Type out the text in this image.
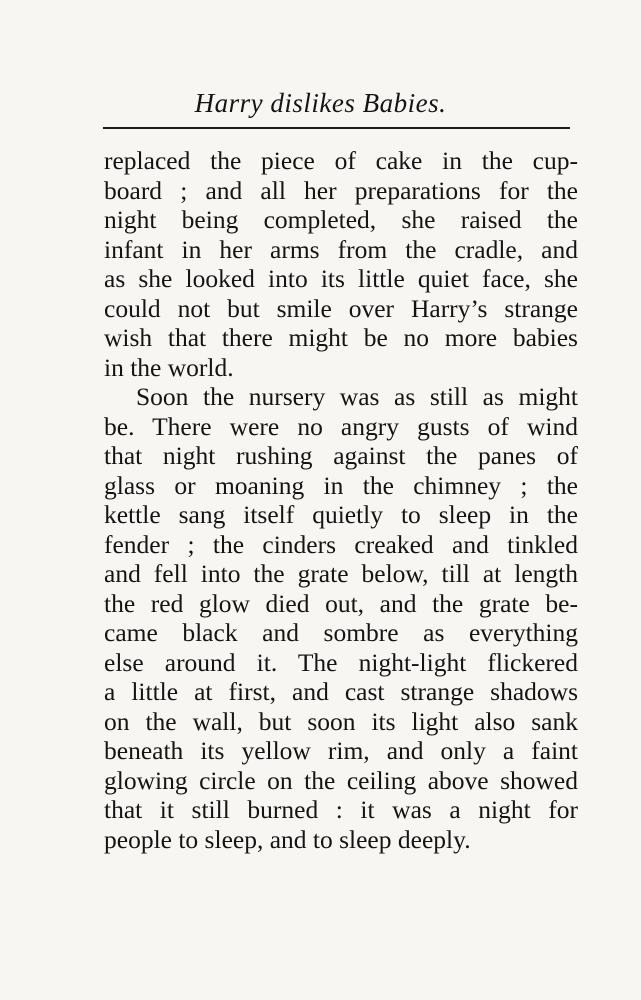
Harry dislikes Babies.
replaced the piece of cake in the cup-
board ; and all her preparations for the
night being completed, she raised the
infant in her arms from the cradle, and
as she looked into its little quiet face, she
could not but smile over Harry’s strange
wish that there might be no more babies
in the world.
Soon the nursery was as still as might
be. There were no angry gusts of wind
that night rushing against the panes of
glass or moaning in the chimney ; the
kettle sang itself quietly to sleep in the
fender ; the cinders creaked and tinkled
and fell into the grate below, till at length
the red glow died out, and the grate be-
came black and sombre as everything
else around it. The night-light flickered
a little at first, and cast strange shadows
on the wall, but soon its light also sank
beneath its yellow rim, and only a faint
glowing circle on the ceiling above showed
that it still burned : it was a night for
people to sleep, and to sleep deeply.
